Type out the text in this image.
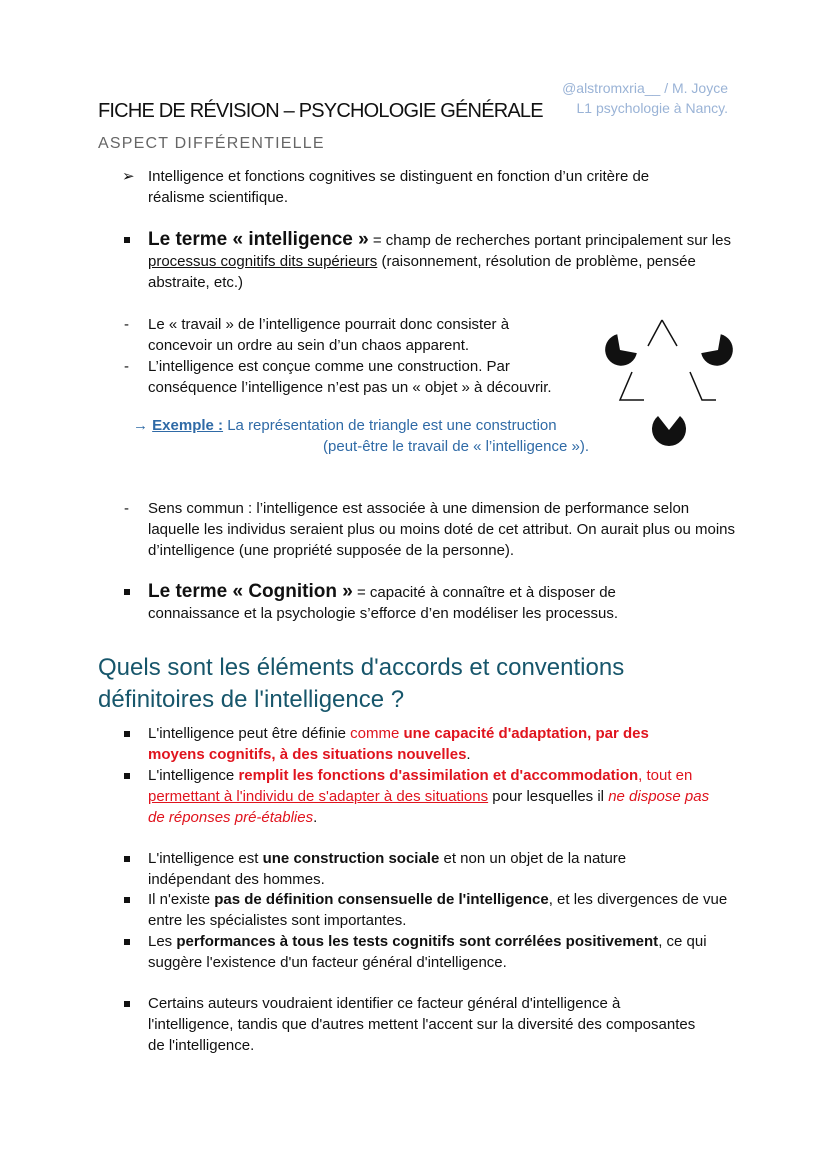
@alstromxria__ / M. Joyce
L1 psychologie à Nancy.
FICHE DE RÉVISION – PSYCHOLOGIE GÉNÉRALE
ASPECT DIFFÉRENTIELLE
➢ Intelligence et fonctions cognitives se distinguent en fonction d’un critère de réalisme scientifique.
Le terme « intelligence » = champ de recherches portant principalement sur les processus cognitifs dits supérieurs (raisonnement, résolution de problème, pensée abstraite, etc.)
- Le « travail » de l’intelligence pourrait donc consister à concevoir un ordre au sein d’un chaos apparent.
- L’intelligence est conçue comme une construction. Par conséquence l’intelligence n’est pas un « objet » à découvrir.
→ Exemple : La représentation de triangle est une construction
(peut-être le travail de « l’intelligence »).
- Sens commun : l’intelligence est associée à une dimension de performance selon laquelle les individus seraient plus ou moins doté de cet attribut. On aurait plus ou moins d’intelligence (une propriété supposée de la personne).
Le terme « Cognition » = capacité à connaître et à disposer de connaissance et la psychologie s’efforce d’en modéliser les processus.
Quels sont les éléments d'accords et conventions définitoires de l'intelligence ?
L'intelligence peut être définie comme une capacité d'adaptation, par des moyens cognitifs, à des situations nouvelles.
L'intelligence remplit les fonctions d'assimilation et d'accommodation, tout en permettant à l'individu de s'adapter à des situations pour lesquelles il ne dispose pas de réponses pré-établies.
L'intelligence est une construction sociale et non un objet de la nature indépendant des hommes.
Il n'existe pas de définition consensuelle de l'intelligence, et les divergences de vue entre les spécialistes sont importantes.
Les performances à tous les tests cognitifs sont corrélées positivement, ce qui suggère l'existence d'un facteur général d'intelligence.
Certains auteurs voudraient identifier ce facteur général d'intelligence à l'intelligence, tandis que d'autres mettent l'accent sur la diversité des composantes de l'intelligence.
